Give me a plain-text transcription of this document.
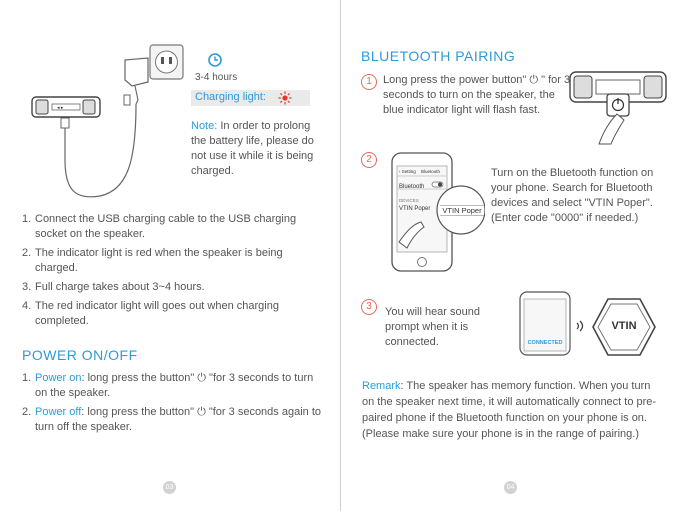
◂ ▸
3-4 hours
Charging light:
Note: In order to prolong the battery life, please do not use it while it is being charged.
1. Connect the USB charging cable to the USB charging socket on the speaker.
2. The indicator light is red when the speaker is being charged.
3. Full charge takes about 3~4 hours.
4. The red indicator light will goes out when charging completed.
POWER ON/OFF
1. Power on: long press the button" ⏻ "for 3 seconds to turn on the speaker.
2. Power off: long press the button" ⏻ "for 3 seconds again to turn off the speaker.
03
BLUETOOTH PAIRING
1	Long press the power button" ⏻ " for 3 seconds to turn on the speaker, the blue indicator light will flash fast.
2
‹ Setting Bluetooth
Bluetooth
DEVICES
VTIN Poper	VTIN Poper
Turn on the Bluetooth function on your phone. Search for Bluetooth devices and select "VTIN Poper". (Enter code "0000" if needed.)
3	You will hear sound prompt when it is connected.	CONNECTED
VTIN
Remark: The speaker has memory function. When you turn on the speaker next time, it will automatically connect to pre-paired phone if the Bluetooth function on your phone is on. (Please make sure your phone is in the range of pairing.)
04
